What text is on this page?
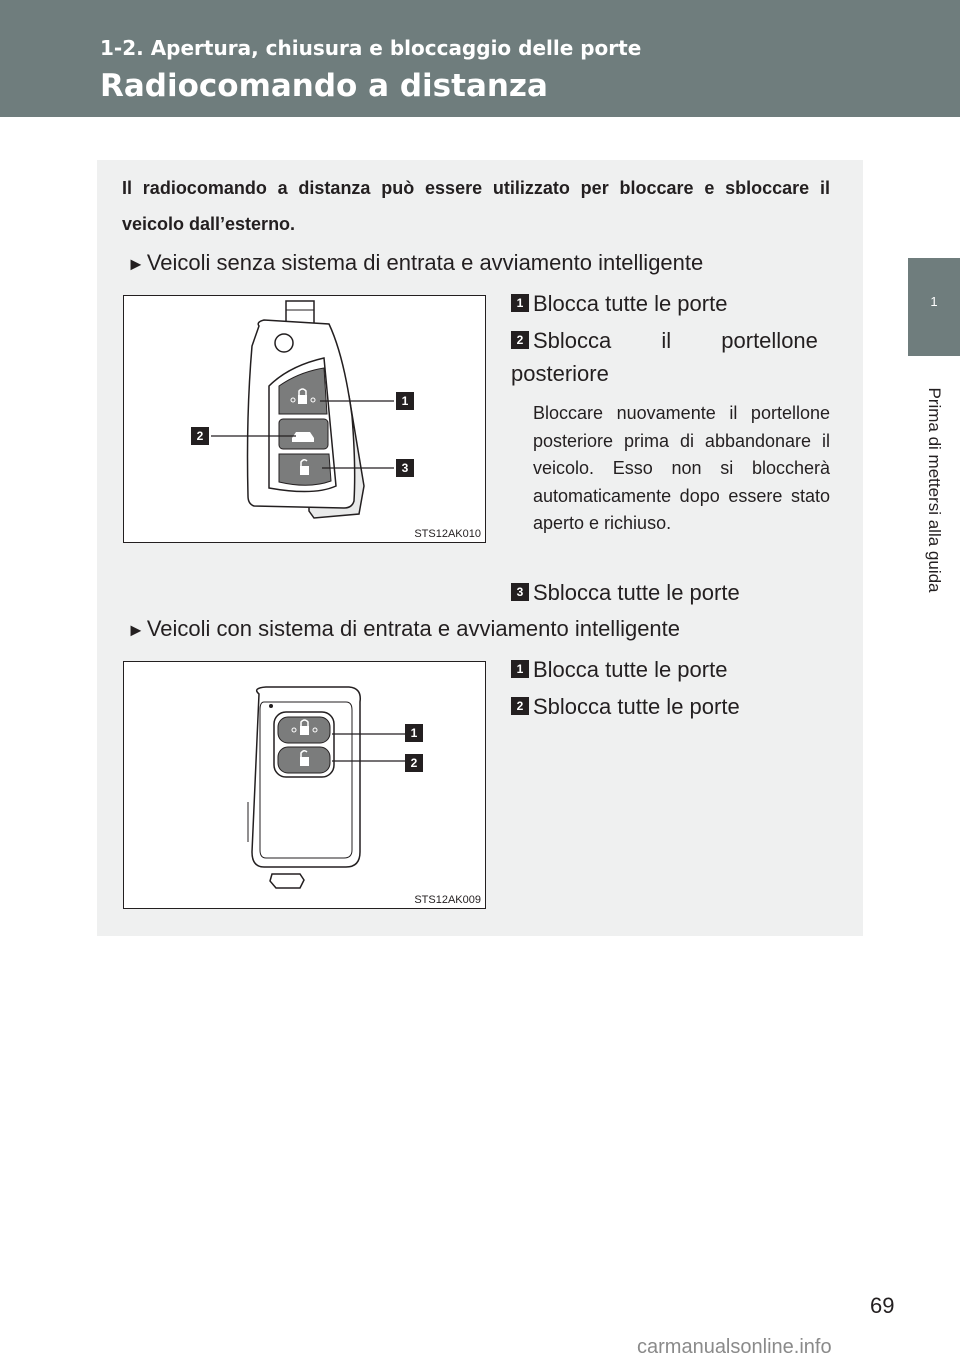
1-2. Apertura, chiusura e bloccaggio delle porte
Radiocomando a distanza
1
Prima di mettersi alla guida
Il radiocomando a distanza può essere utilizzato per bloccare e sbloccare il veicolo dall’esterno.
►Veicoli senza sistema di entrata e avviamento intelligente
1
2
3
STS12AK010
1 Blocca tutte le porte
2 Sblocca il portellone posteriore
Bloccare nuovamente il portellone posteriore prima di abbandonare il veicolo. Esso non si bloccherà automaticamente dopo essere stato aperto e richiuso.
3 Sblocca tutte le porte
►Veicoli con sistema di entrata e avviamento intelligente
1
2
STS12AK009
1 Blocca tutte le porte
2 Sblocca tutte le porte
69
carmanualsonline.info
